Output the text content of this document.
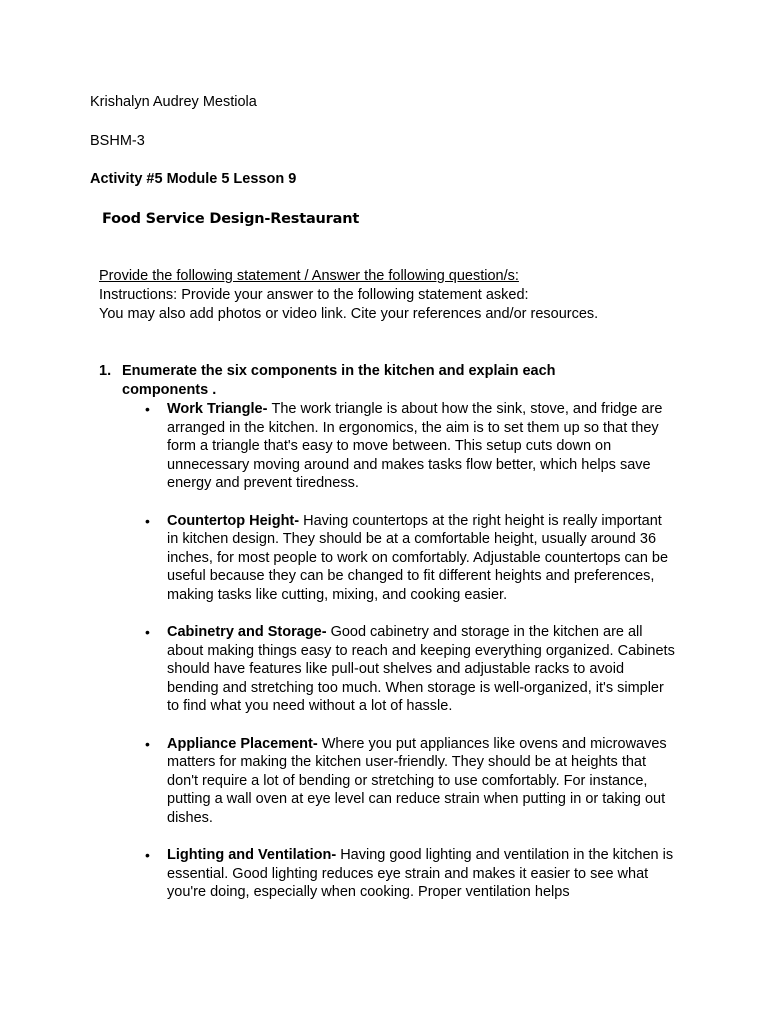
Krishalyn Audrey Mestiola
BSHM-3
Activity #5 Module 5 Lesson 9
Food Service Design-Restaurant
Provide the following statement / Answer the following question/s:
Instructions: Provide your answer to the following statement asked:
You may also add photos or video link. Cite your references and/or resources.
1. Enumerate the six components in the kitchen and explain each components .
• Work Triangle- The work triangle is about how the sink, stove, and fridge are arranged in the kitchen. In ergonomics, the aim is to set them up so that they form a triangle that's easy to move between. This setup cuts down on unnecessary moving around and makes tasks flow better, which helps save energy and prevent tiredness.
• Countertop Height- Having countertops at the right height is really important in kitchen design. They should be at a comfortable height, usually around 36 inches, for most people to work on comfortably. Adjustable countertops can be useful because they can be changed to fit different heights and preferences, making tasks like cutting, mixing, and cooking easier.
• Cabinetry and Storage- Good cabinetry and storage in the kitchen are all about making things easy to reach and keeping everything organized. Cabinets should have features like pull-out shelves and adjustable racks to avoid bending and stretching too much. When storage is well-organized, it's simpler to find what you need without a lot of hassle.
• Appliance Placement- Where you put appliances like ovens and microwaves matters for making the kitchen user-friendly. They should be at heights that don't require a lot of bending or stretching to use comfortably. For instance, putting a wall oven at eye level can reduce strain when putting in or taking out dishes.
• Lighting and Ventilation- Having good lighting and ventilation in the kitchen is essential. Good lighting reduces eye strain and makes it easier to see what you're doing, especially when cooking. Proper ventilation helps
